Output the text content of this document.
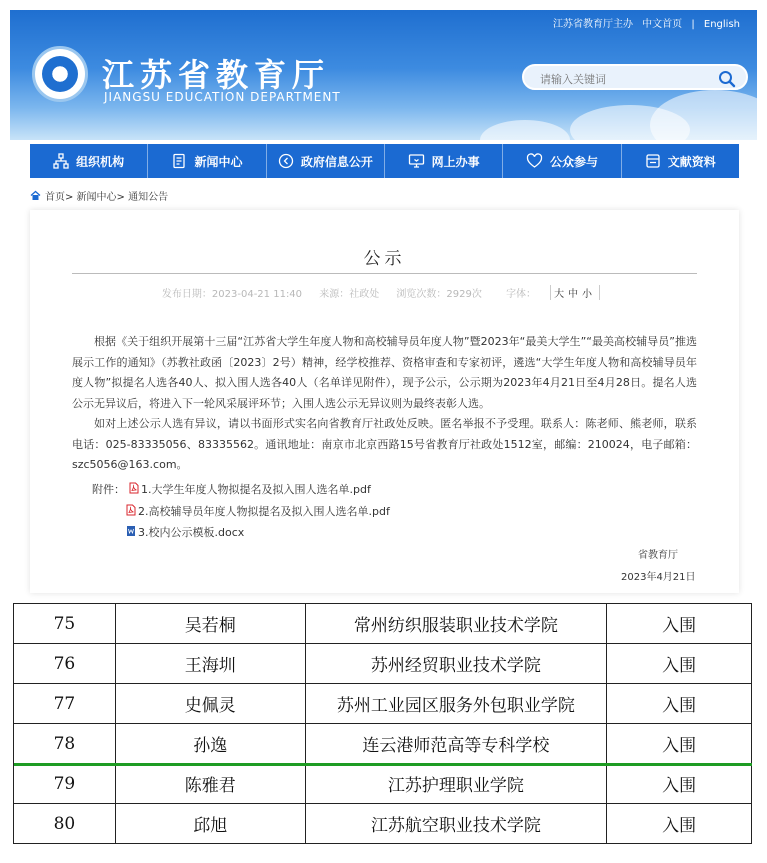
江苏省教育厅主办 中文首页 | English
江苏省教育厅
JIANGSU EDUCATION DEPARTMENT
请输入关键词
组织机构	新闻中心	政府信息公开	网上办事	公众参与	文献资料
首页> 新闻中心> 通知公告
公示
发布日期：2023-04-21 11:40 来源：社政处 浏览次数：2929次 字体： 大中小

根据《关于组织开展第十三届“江苏省大学生年度人物和高校辅导员年度人物”暨2023年“最美大学生”“最美高校辅导员”推选展示工作的通知》（苏教社政函〔2023〕2号）精神，经学校推荐、资格审查和专家初评，遴选“大学生年度人物和高校辅导员年度人物”拟提名人选各40人、拟入围人选各40人（名单详见附件），现予公示，公示期为2023年4月21日至4月28日。提名人选公示无异议后，将进入下一轮风采展评环节；入围人选公示无异议则为最终表彰人选。

如对上述公示人选有异议，请以书面形式实名向省教育厅社政处反映。匿名举报不予受理。联系人：陈老师、熊老师，联系电话：025-83335056、83335562。通讯地址：南京市北京西路15号省教育厅社政处1512室，邮编：210024，电子邮箱：szc5056@163.com。

附件： 1.大学生年度人物拟提名及拟入围人选名单.pdf
2.高校辅导员年度人物拟提名及拟入围人选名单.pdf
3.校内公示模板.docx
省教育厅
2023年4月21日
75	吴若桐	常州纺织服装职业技术学院	入围
76	王海圳	苏州经贸职业技术学院	入围
77	史佩灵	苏州工业园区服务外包职业学院	入围
78	孙逸	连云港师范高等专科学校	入围
79	陈雅君	江苏护理职业学院	入围
80	邱旭	江苏航空职业技术学院	入围
